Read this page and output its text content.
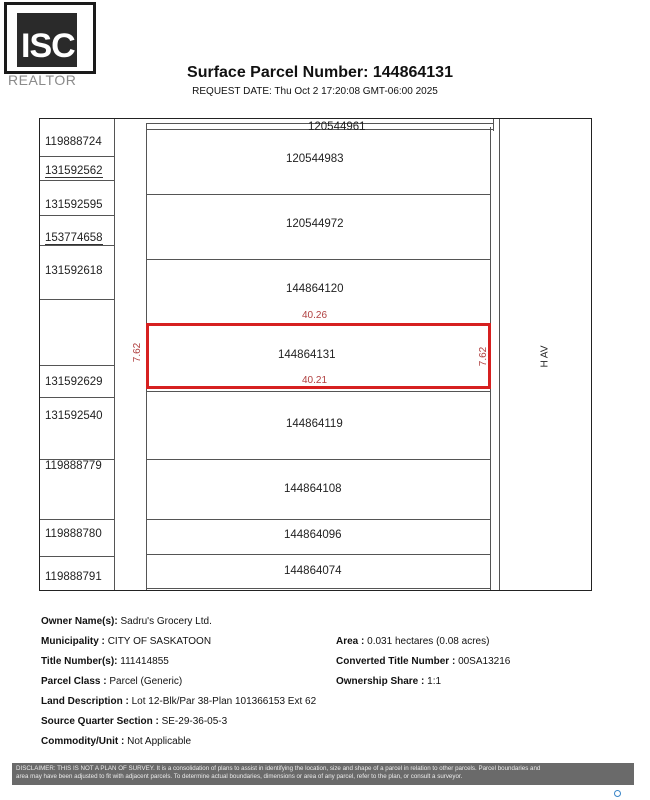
ISC
REALTOR	Surface Parcel Number: 144864131
REQUEST DATE: Thu Oct 2 17:20:08 GMT-06:00 2025
119888724
131592562
131592595
153774658
131592618
131592629
131592540
119888779
119888780
119888791
120544961
120544983
120544972
144864120
144864131
144864119
144864108
144864096
144864074
40.26
40.21
7.62	7.62	H AV
Owner Name(s): Sadru's Grocery Ltd.
Municipality : CITY OF SASKATOON	Area : 0.031 hectares (0.08 acres)
Title Number(s): 111414855	Converted Title Number : 00SA13216
Parcel Class : Parcel (Generic)	Ownership Share : 1:1
Land Description : Lot 12-Blk/Par 38-Plan 101366153 Ext 62
Source Quarter Section : SE-29-36-05-3
Commodity/Unit : Not Applicable
DISCLAIMER: THIS IS NOT A PLAN OF SURVEY. It is a consolidation of plans to assist in identifying the location, size and shape of a parcel in relation to other parcels. Parcel boundaries and
area may have been adjusted to fit with adjacent parcels. To determine actual boundaries, dimensions or area of any parcel, refer to the plan, or consult a surveyor.
